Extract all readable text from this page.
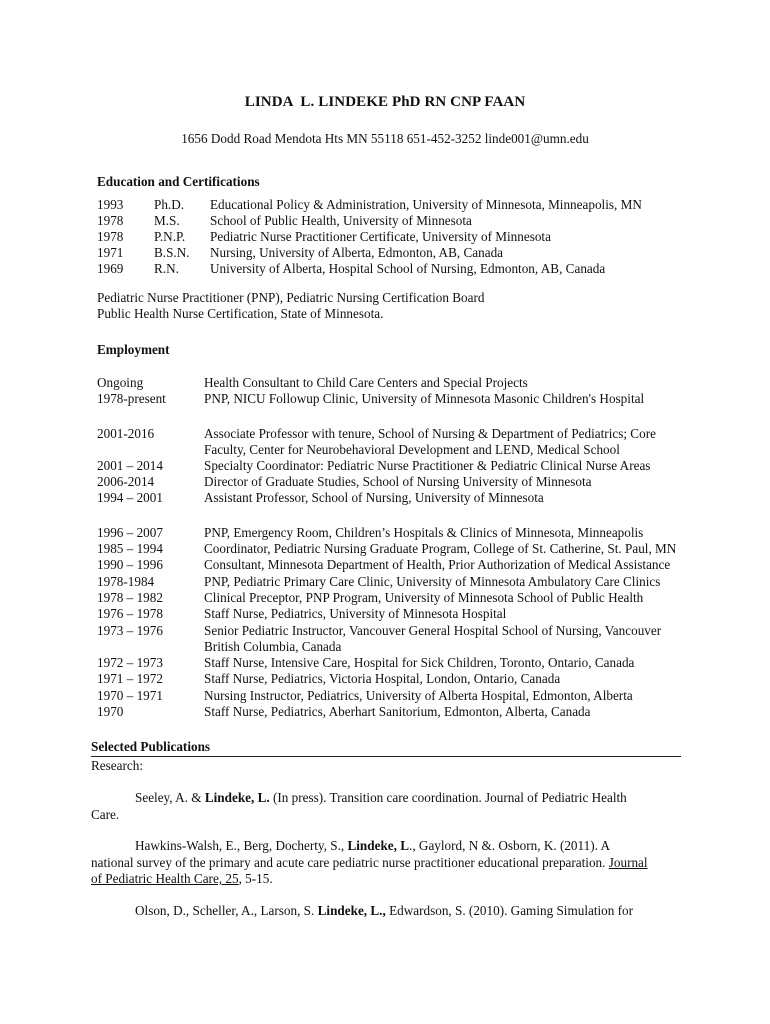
LINDA  L. LINDEKE PhD RN CNP FAAN
1656 Dodd Road Mendota Hts MN 55118 651-452-3252 linde001@umn.edu
Education and Certifications
1993 Ph.D. Educational Policy & Administration, University of Minnesota, Minneapolis, MN
1978 M.S. School of Public Health, University of Minnesota
1978 P.N.P. Pediatric Nurse Practitioner Certificate, University of Minnesota
1971 B.S.N. Nursing, University of Alberta, Edmonton, AB, Canada
1969 R.N. University of Alberta, Hospital School of Nursing, Edmonton, AB, Canada
Pediatric Nurse Practitioner (PNP), Pediatric Nursing Certification Board
Public Health Nurse Certification, State of Minnesota.
Employment
Ongoing	Health Consultant to Child Care Centers and Special Projects
1978-present	PNP, NICU Followup Clinic, University of Minnesota Masonic Children's Hospital
2001-2016	Associate Professor with tenure, School of Nursing & Department of Pediatrics; Core
Faculty, Center for Neurobehavioral Development and LEND, Medical School
2001 – 2014	Specialty Coordinator: Pediatric Nurse Practitioner & Pediatric Clinical Nurse Areas
2006-2014	Director of Graduate Studies, School of Nursing University of Minnesota
1994 – 2001	Assistant Professor, School of Nursing, University of Minnesota
1996 – 2007	PNP, Emergency Room, Children’s Hospitals & Clinics of Minnesota, Minneapolis
1985 – 1994	Coordinator, Pediatric Nursing Graduate Program, College of St. Catherine, St. Paul, MN
1990 – 1996	Consultant, Minnesota Department of Health, Prior Authorization of Medical Assistance
1978-1984	PNP, Pediatric Primary Care Clinic, University of Minnesota Ambulatory Care Clinics
1978 – 1982	Clinical Preceptor, PNP Program, University of Minnesota School of Public Health
1976 – 1978	Staff Nurse, Pediatrics, University of Minnesota Hospital
1973 – 1976	Senior Pediatric Instructor, Vancouver General Hospital School of Nursing, Vancouver
British Columbia, Canada
1972 – 1973	Staff Nurse, Intensive Care, Hospital for Sick Children, Toronto, Ontario, Canada
1971 – 1972	Staff Nurse, Pediatrics, Victoria Hospital, London, Ontario, Canada
1970 – 1971	Nursing Instructor, Pediatrics, University of Alberta Hospital, Edmonton, Alberta
1970	Staff Nurse, Pediatrics, Aberhart Sanitorium, Edmonton, Alberta, Canada
Selected Publications
Research:
Seeley, A. & Lindeke, L. (In press). Transition care coordination. Journal of Pediatric Health
Care.
Hawkins-Walsh, E., Berg, Docherty, S., Lindeke, L., Gaylord, N &. Osborn, K. (2011). A
national survey of the primary and acute care pediatric nurse practitioner educational preparation. Journal
of Pediatric Health Care, 25, 5-15.
Olson, D., Scheller, A., Larson, S. Lindeke, L., Edwardson, S. (2010). Gaming Simulation for
